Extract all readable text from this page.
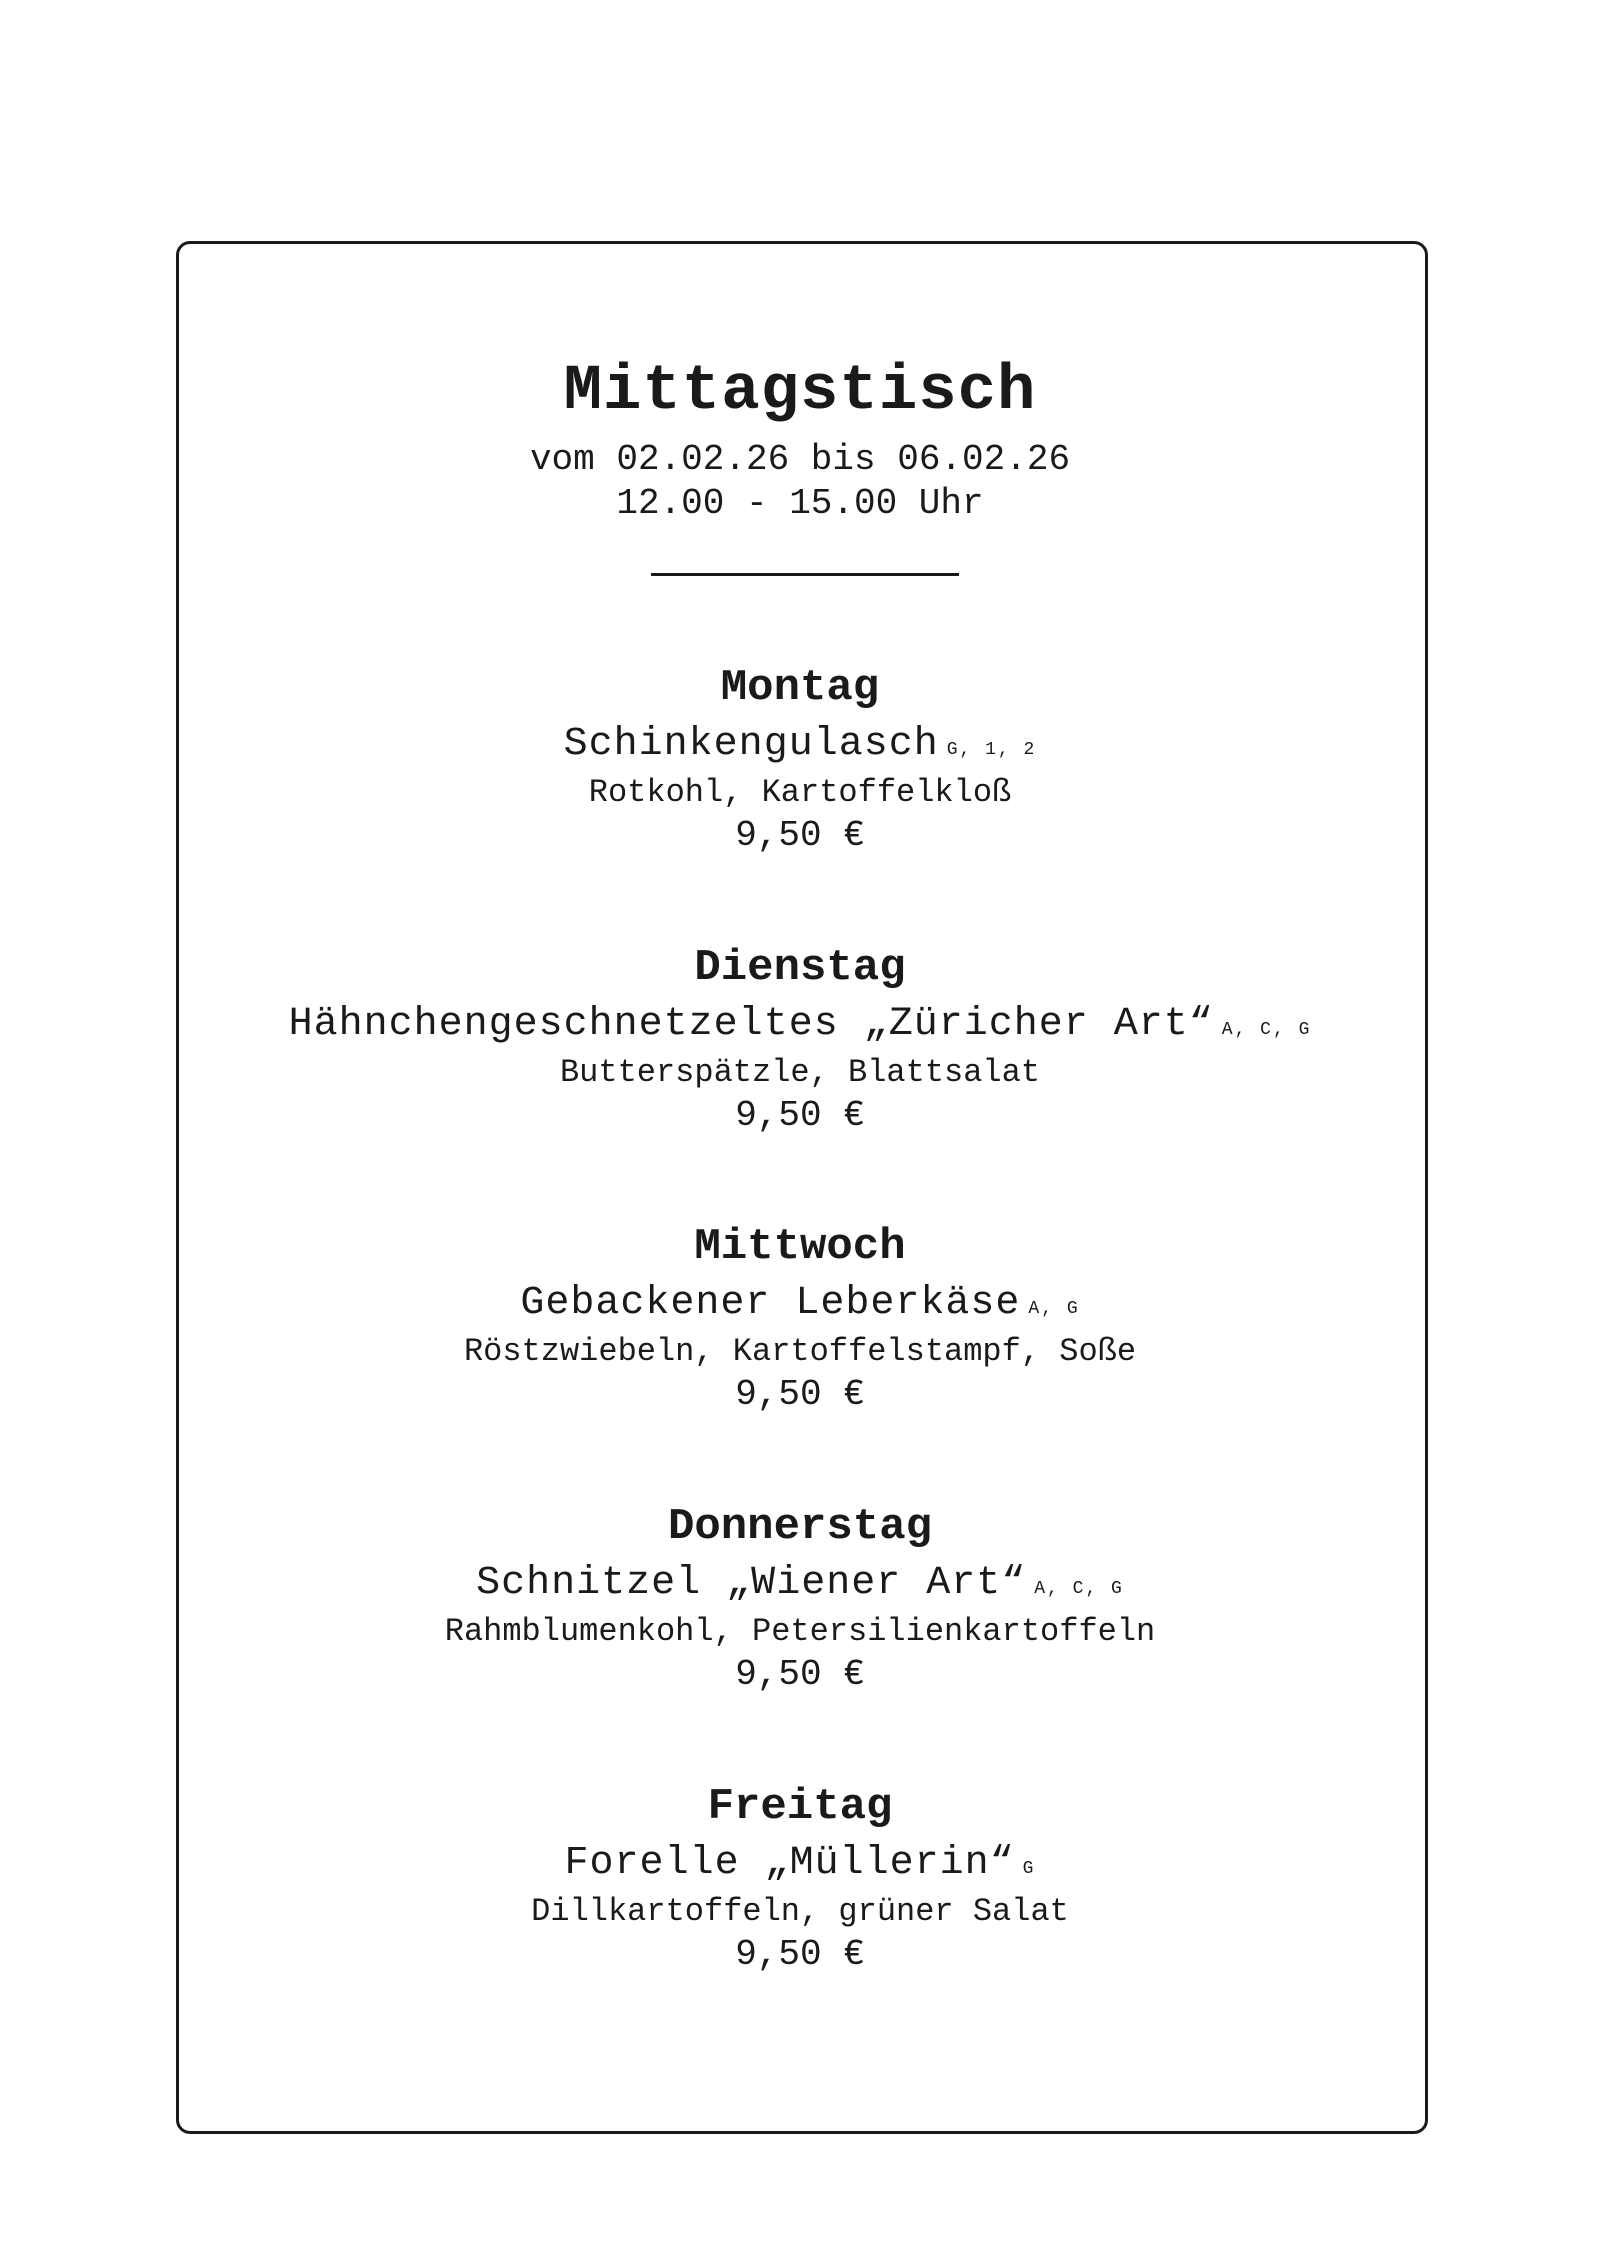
Mittagstisch
vom 02.02.26 bis 06.02.26
12.00 - 15.00 Uhr
Montag
Schinkengulasch G, 1, 2
Rotkohl, Kartoffelkloß
9,50 €
Dienstag
Hähnchengeschnetzeltes „Züricher Art“ A, C, G
Butterspätzle, Blattsalat
9,50 €
Mittwoch
Gebackener Leberkäse A, G
Röstzwiebeln, Kartoffelstampf, Soße
9,50 €
Donnerstag
Schnitzel „Wiener Art“ A, C, G
Rahmblumenkohl, Petersilienkartoffeln
9,50 €
Freitag
Forelle „Müllerin“ G
Dillkartoffeln, grüner Salat
9,50 €
